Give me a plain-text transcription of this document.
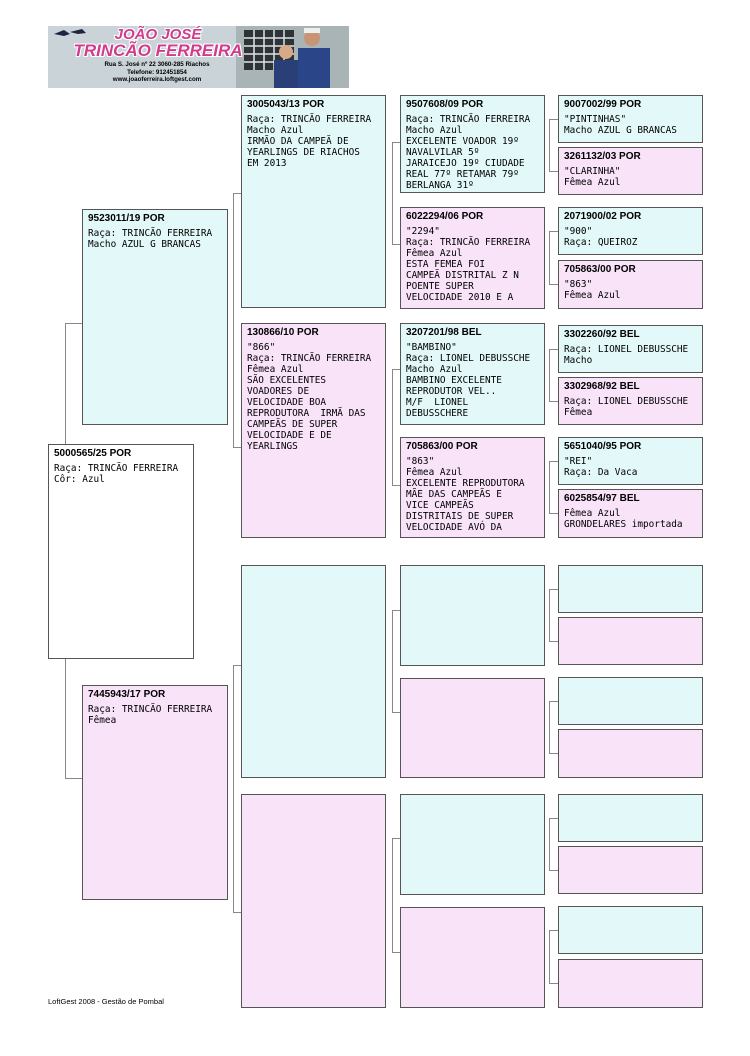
JOÃO JOSÉ
TRINCÃO FERREIRA
Rua S. José nº 22 3060-285 Riachos
Telefone: 912451854
www.joaoferreira.loftgest.com
5000565/25 POR
Raça: TRINCÃO FERREIRA
Côr: Azul
9523011/19 POR
Raça: TRINCÃO FERREIRA
Macho AZUL G BRANCAS
7445943/17 POR
Raça: TRINCÃO FERREIRA
Fêmea
3005043/13 POR
Raça: TRINCÃO FERREIRA
Macho Azul
IRMÃO DA CAMPEÃ DE
YEARLINGS DE RIACHOS
EM 2013
130866/10 POR
"866"
Raça: TRINCÃO FERREIRA
Fêmea Azul
SÃO EXCELENTES
VOADORES DE
VELOCIDADE BOA
REPRODUTORA  IRMÃ DAS
CAMPEÃS DE SUPER
VELOCIDADE E DE
YEARLINGS
9507608/09 POR
Raça: TRINCÃO FERREIRA
Macho Azul
EXCELENTE VOADOR 19º
NAVALVILAR 5º
JARAICEJO 19º CIUDADE
REAL 77º RETAMAR 79º
BERLANGA 31º
6022294/06 POR
"2294"
Raça: TRINCÃO FERREIRA
Fêmea Azul
ESTA FEMEA FOI
CAMPEÃ DISTRITAL Z N
POENTE SUPER
VELOCIDADE 2010 E A
3207201/98 BEL
"BAMBINO"
Raça: LIONEL DEBUSSCHE
Macho Azul
BAMBINO EXCELENTE
REPRODUTOR VEL..
M/F  LIONEL
DEBUSSCHERE
705863/00 POR
"863"
Fêmea Azul
EXCELENTE REPRODUTORA
MÃE DAS CAMPEÃS E
VICE CAMPEÃS
DISTRITAIS DE SUPER
VELOCIDADE AVÓ DA
9007002/99 POR
"PINTINHAS"
Macho AZUL G BRANCAS
3261132/03 POR
"CLARINHA"
Fêmea Azul
2071900/02 POR
"900"
Raça: QUEIROZ
705863/00 POR
"863"
Fêmea Azul
3302260/92 BEL
Raça: LIONEL DEBUSSCHE
Macho
3302968/92 BEL
Raça: LIONEL DEBUSSCHE
Fêmea
5651040/95 POR
"REI"
Raça: Da Vaca
6025854/97 BEL
Fêmea Azul
GRONDELARES importada
LoftGest 2008 - Gestão de Pombal
